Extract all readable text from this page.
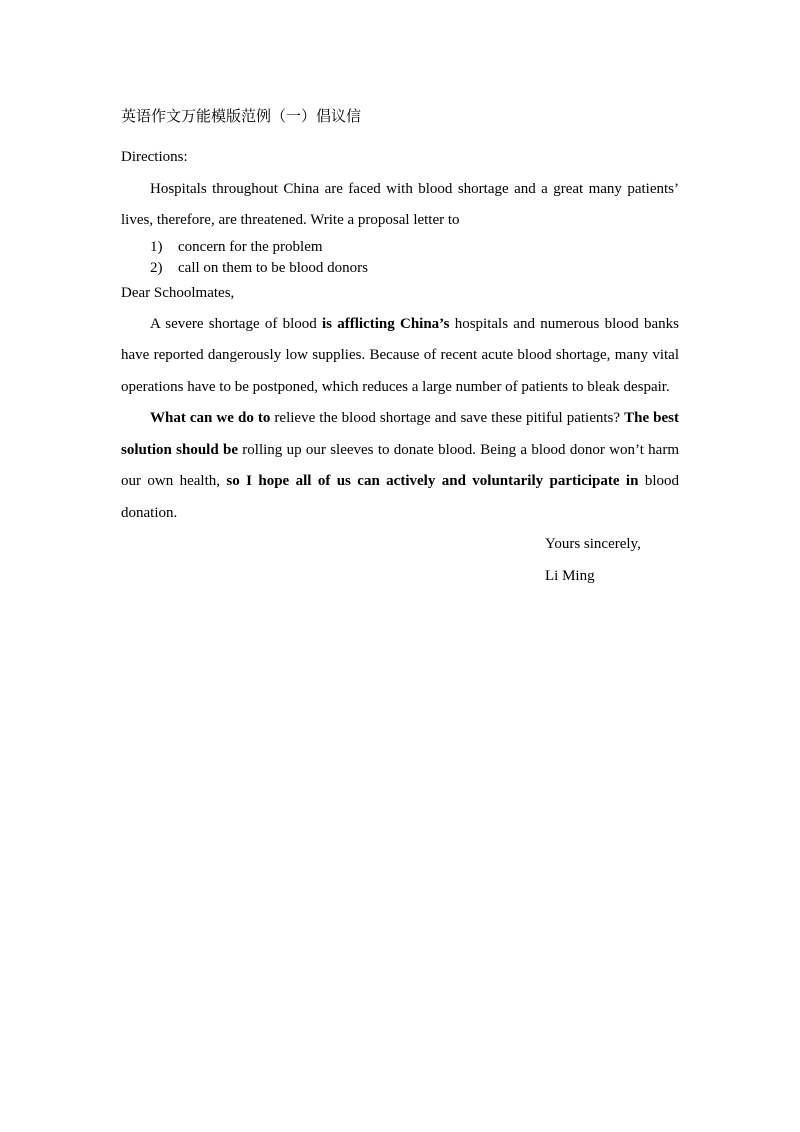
英语作文万能模版范例（一）倡议信

Directions:

Hospitals throughout China are faced with blood shortage and a great many patients’ lives, therefore, are threatened. Write a proposal letter to

1) concern for the problem
2) call on them to be blood donors

Dear Schoolmates,

A severe shortage of blood is afflicting China’s hospitals and numerous blood banks have reported dangerously low supplies. Because of recent acute blood shortage, many vital operations have to be postponed, which reduces a large number of patients to bleak despair.

What can we do to relieve the blood shortage and save these pitiful patients? The best solution should be rolling up our sleeves to donate blood. Being a blood donor won’t harm our own health, so I hope all of us can actively and voluntarily participate in blood donation.

Yours sincerely,

Li Ming
